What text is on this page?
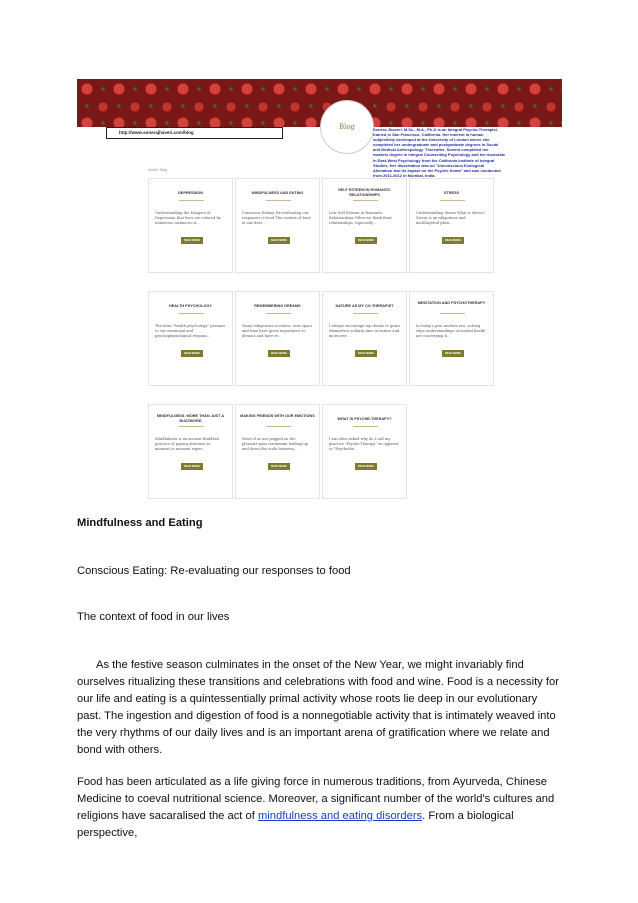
Blog
http://www.sonerajhaveri.com/blog
Sonera Jhaveri, M.Sc., M.A., Ph.D is an Integral Psycho-Therapist,
trained in San Francisco, California. Her interest in human
subjectivity developed at the University of London where she
completed her undergraduate and postgraduate degrees in Social
and Medical Anthropology. Thereafter, Sonera completed her
masters degree in Integral Counselling Psychology and her doctorate
in East-West Psychology from the California Institute of Integral
Studies. Her dissertation was on "Unconscious Ecological
Alienation and its impact on the Psyche Soma" and was conducted
from 2011-2012 in Mumbai, India.
Home / Blog
DEPRESSION
Understanding the Dangers of Depression that lives are colored by numerous instances of...
READ MORE
MINDFULNESS AND EATING
Conscious Eating: Re-evaluating our responses to food The context of food in our lives...
READ MORE
SELF ESTEEM IN ROMANTIC RELATIONSHIPS
Low Self Esteem in Romantic Relationships Often we think their relationships, especially...
READ MORE
STRESS
Understanding Stress What is stress? Stress is an ubiquitous and multilayered phen...
READ MORE
HEALTH PSYCHOLOGY
The term "health psychology" pertains to our emotional and psychophysiological respons...
READ MORE
REMEMBERING DREAMS
Many indigenous societies, over space and time have given importance to dreams and have re...
READ MORE
NATURE AS MY CO-THERAPIST
I always encourage my clients to grant themselves solitary time in nature and moreover, ...
READ MORE
MEDITATION AND PSYCHOTHERAPY
In today's post modern era, cutting edge understandings of mental health are converging b...
READ MORE
MINDFULNESS: MORE THAN JUST A BUZZWORD
Mindfulness is an ancient Buddhist practice of paying attention to moment to moment exper...
READ MORE
MAKING FRIENDS WITH OUR EMOTIONS
Most of us are pegged on the pleasure-pain continuum holding up and down the scale between...
READ MORE
WHAT IS PSYCHE-THERAPY?
I am often asked why do I call my practice "Psyche-Therapy" as opposed to "Psychothe...
READ MORE
Mindfulness and Eating
Conscious Eating: Re-evaluating our responses to food
The context of food in our lives
As the festive season culminates in the onset of the New Year, we might invariably find ourselves ritualizing these transitions and celebrations with food and wine. Food is a necessity for our life and eating is a quintessentially primal activity whose roots lie deep in our evolutionary past. The ingestion and digestion of food is a nonnegotiable activity that is intimately weaved into the very rhythms of our daily lives and is an important arena of gratification where we relate and bond with others.
Food has been articulated as a life giving force in numerous traditions, from Ayurveda, Chinese Medicine to coeval nutritional science. Moreover, a significant number of the world's cultures and religions have sacaralised the act of mindfulness and eating disorders. From a biological perspective,
